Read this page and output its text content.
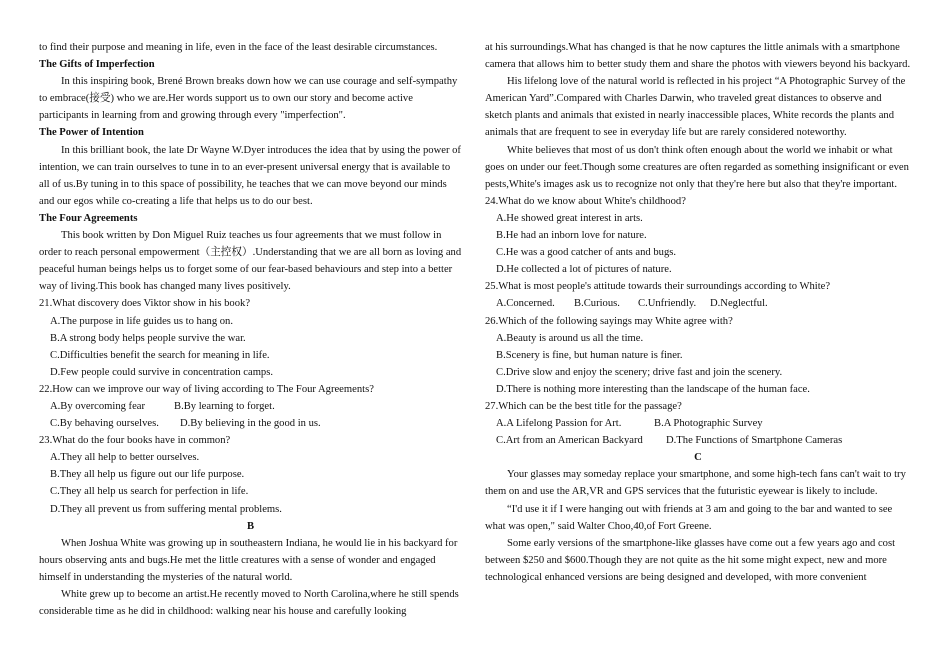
to find their purpose and meaning in life, even in the face of the least desirable circumstances.

The Gifts of Imperfection

In this inspiring book, Brené Brown breaks down how we can use courage and self-sympathy to embrace(接受) who we are.Her words support us to own our story and become active participants in learning from and growing through every "imperfection".

The Power of Intention

In this brilliant book, the late Dr Wayne W.Dyer introduces the idea that by using the power of intention, we can train ourselves to tune in to an ever-present universal energy that is available to all of us.By tuning in to this space of possibility, he teaches that we can move beyond our minds and our egos while co-creating a life that helps us to do our best.

The Four Agreements

This book written by Don Miguel Ruiz teaches us four agreements that we must follow in order to reach personal empowerment（主控权）.Understanding that we are all born as loving and peaceful human beings helps us to forget some of our fear-based behaviours and step into a better way of living.This book has changed many lives positively.

21.What discovery does Viktor show in his book?

A.The purpose in life guides us to hang on.

B.A strong body helps people survive the war.

C.Difficulties benefit the search for meaning in life.

D.Few people could survive in concentration camps.

22.How can we improve our way of living according to The Four Agreements?

A.By overcoming fear	B.By learning to forget.
C.By behaving ourselves. D.By believing in the good in us.

23.What do the four books have in common?

A.They all help to better ourselves.

B.They all help us figure out our life purpose.

C.They all help us search for perfection in life.

D.They all prevent us from suffering mental problems.

B

When Joshua White was growing up in southeastern Indiana, he would lie in his backyard for hours observing ants and bugs.He met the little creatures with a sense of wonder and engaged himself in understanding the mysteries of the natural world.

White grew up to become an artist.He recently moved to North Carolina,where he still spends considerable time as he did in childhood: walking near his house and carefully looking

at his surroundings.What has changed is that he now captures the little animals with a smartphone camera that allows him to better study them and share the photos with viewers beyond his backyard.

His lifelong love of the natural world is reflected in his project “A Photographic Survey of the American Yard”.Compared with Charles Darwin, who traveled great distances to observe and sketch plants and animals that existed in nearly inaccessible places, White records the plants and animals that are frequent to see in everyday life but are rarely considered noteworthy.

White believes that most of us don't think often enough about the world we inhabit or what goes on under our feet.Though some creatures are often regarded as something insignificant or even pests,White's images ask us to recognize not only that they're here but also that they're important.

24.What do we know about White's childhood?

A.He showed great interest in arts.

B.He had an inborn love for nature.

C.He was a good catcher of ants and bugs.

D.He collected a lot of pictures of nature.

25.What is most people's attitude towards their surroundings according to White?

A.Concerned. B.Curious. C.Unfriendly. D.Neglectful.

26.Which of the following sayings may White agree with?

A.Beauty is around us all the time.

B.Scenery is fine, but human nature is finer.

C.Drive slow and enjoy the scenery; drive fast and join the scenery.

D.There is nothing more interesting than the landscape of the human face.

27.Which can be the best title for the passage?

A.A Lifelong Passion for Art.	B.A Photographic Survey
C.Art from an American Backyard D.The Functions of Smartphone Cameras

C

Your glasses may someday replace your smartphone, and some high-tech fans can't wait to try them on and use the AR,VR and GPS services that the futuristic eyewear is likely to include.

“I'd use it if I were hanging out with friends at 3 am and going to the bar and wanted to see what was open," said Walter Choo,40,of Fort Greene.

Some early versions of the smartphone-like glasses have come out a few years ago and cost between $250 and $600.Though they are not quite as the hit some might expect, new and more technological enhanced versions are being designed and developed, with more convenient
